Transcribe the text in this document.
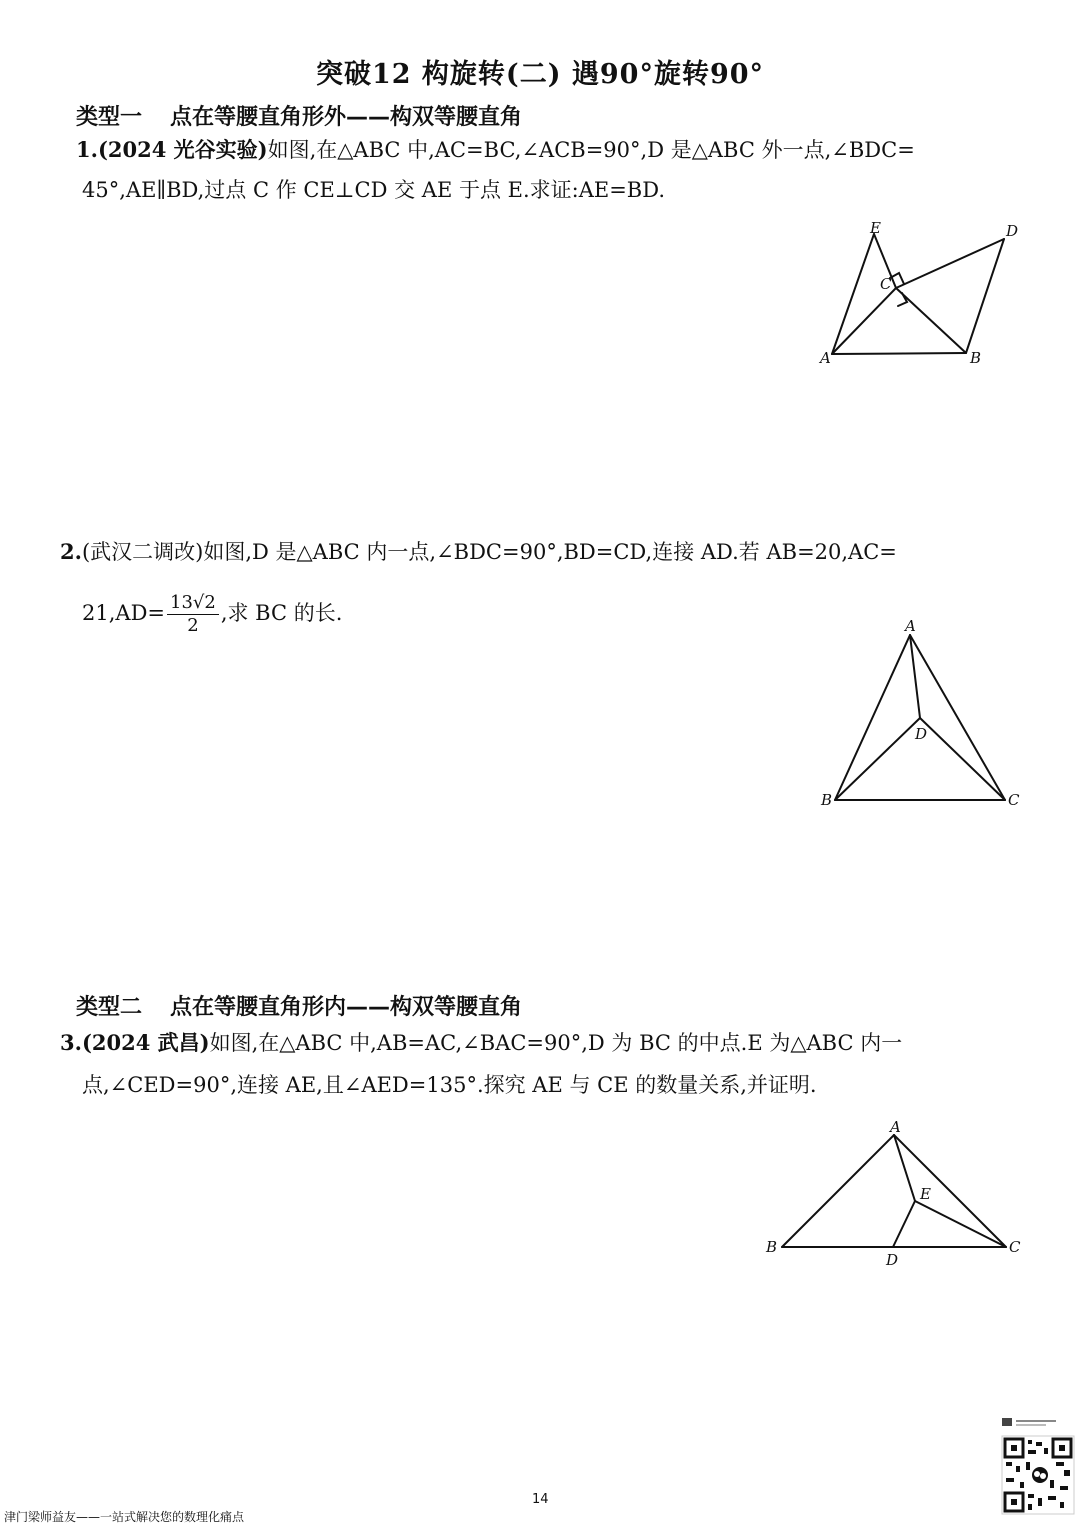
突破12 构旋转(二) 遇90°旋转90°
类型一 点在等腰直角形外——构双等腰直角
1.(2024 光谷实验)如图,在△ABC 中,AC=BC,∠ACB=90°,D 是△ABC 外一点,∠BDC=
45°,AE∥BD,过点 C 作 CE⊥CD 交 AE 于点 E.求证:AE=BD.
A	B
C
D
E
2.(武汉二调改)如图,D 是△ABC 内一点,∠BDC=90°,BD=CD,连接 AD.若 AB=20,AC=
$21,AD= \frac{13√2}{2}$ ,求 BC 的长.
A
B	C
D
类型二 点在等腰直角形内——构双等腰直角
3.(2024 武昌)如图,在△ABC 中,AB=AC,∠BAC=90°,D 为 BC 的中点.E 为△ABC 内一
点,∠CED=90°,连接 AE,且∠AED=135°.探究 AE 与 CE 的数量关系,并证明.
A
B	C
D
E
14
津门梁师益友——一站式解决您的数理化痛点
